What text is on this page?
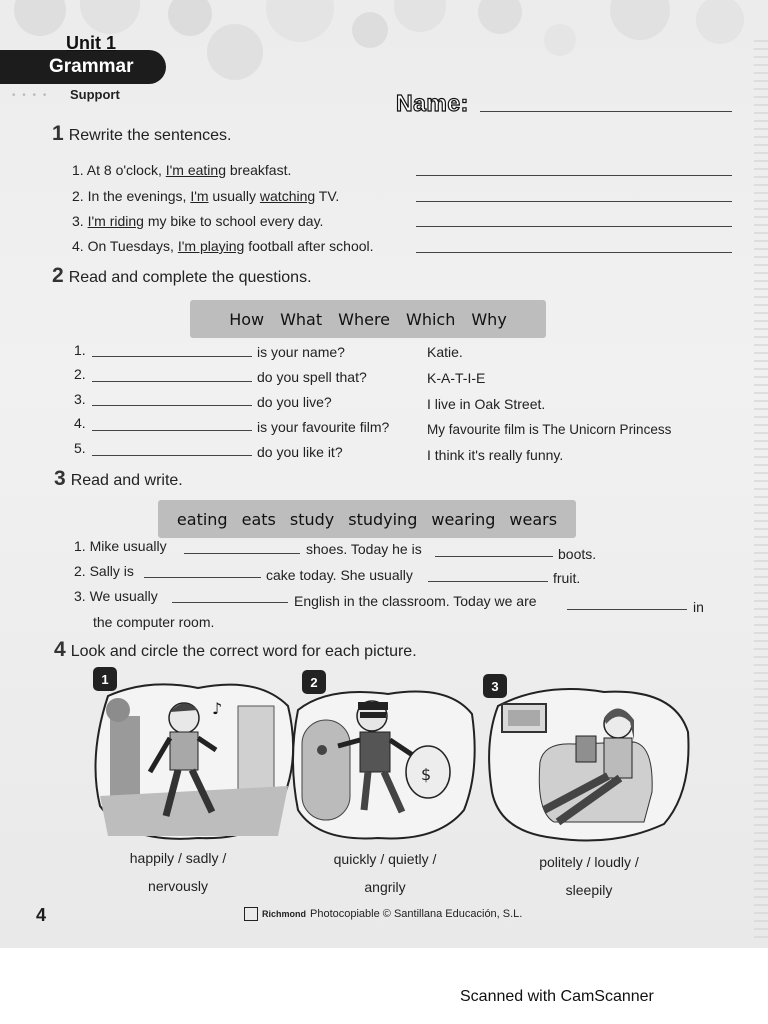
Unit 1
Grammar
• • • • Support	Name:
1 Rewrite the sentences.
1. At 8 o'clock, I'm eating breakfast.
2. In the evenings, I'm usually watching TV.
3. I'm riding my bike to school every day.
4. On Tuesdays, I'm playing football after school.
2 Read and complete the questions.
How What Where Which Why
1.	is your name?	Katie.
2.	do you spell that?	K-A-T-I-E
3.	do you live?	I live in Oak Street.
4.	is your favourite film?	My favourite film is The Unicorn Princess
5.	do you like it?	I think it's really funny.
3 Read and write.
eating eats study studying wearing wears
1. Mike usually	shoes. Today he is	boots.
2. Sally is	cake today. She usually	fruit.
3. We usually	English in the classroom. Today we are	in
the computer room.
4 Look and circle the correct word for each picture.
♪
1
$
2	3
happily / sadly /
nervously
quickly / quietly /
angrily
politely / loudly /
sleepily
4	Richmond Photocopiable © Santillana Educación, S.L.
Scanned with CamScanner
